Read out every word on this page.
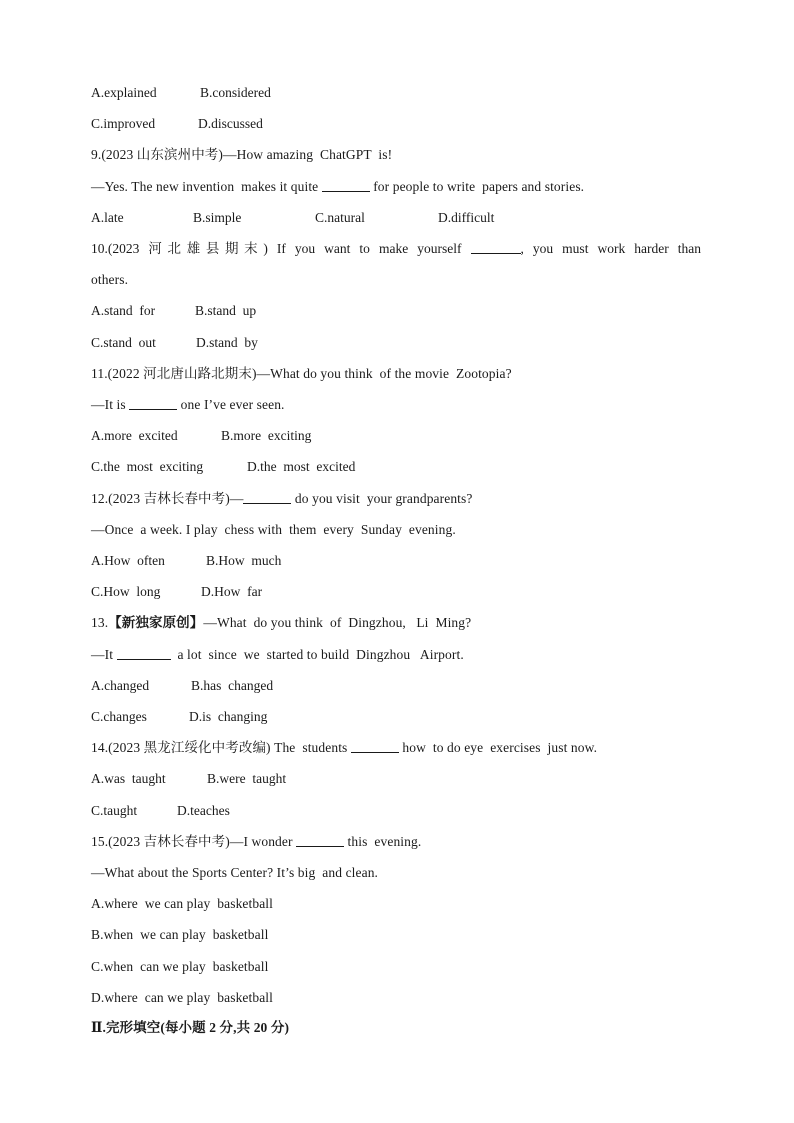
A.explained	B.considered
C.improved	D.discussed
9.(2023 山东滨州中考)—How amazing  ChatGPT  is!
—Yes. The new invention  makes it quite	for people to write  papers and stories.
A.late	B.simple	C.natural	D.difficult
10.(2023 河北雄县期末) If you want to make yourself	, you must work harder than
others.
A.stand  for	B.stand  up
C.stand  out	D.stand  by
11.(2022 河北唐山路北期末)—What do you think  of the movie  Zootopia?
—It is	one I’ve ever seen.
A.more  excited	B.more  exciting
C.the  most  exciting	D.the  most  excited
12.(2023 吉林长春中考)—	do you visit  your grandparents?
—Once  a week. I play  chess with  them  every  Sunday  evening.
A.How  often	B.How  much
C.How  long	D.How  far
13.【新独家原创】—What  do you think  of  Dingzhou,   Li  Ming?
—It	a lot  since  we  started to build  Dingzhou   Airport.
A.changed	B.has  changed
C.changes	D.is  changing
14.(2023 黑龙江绥化中考改编) The  students	how  to do eye  exercises  just now.
A.was  taught	B.were  taught
C.taught	D.teaches
15.(2023 吉林长春中考)—I wonder	this  evening.
—What about the Sports Center? It’s big  and clean.
A.where  we can play  basketball
B.when  we can play  basketball
C.when  can we play  basketball
D.where  can we play  basketball
Ⅱ.完形填空(每小题 2 分,共 20 分)
